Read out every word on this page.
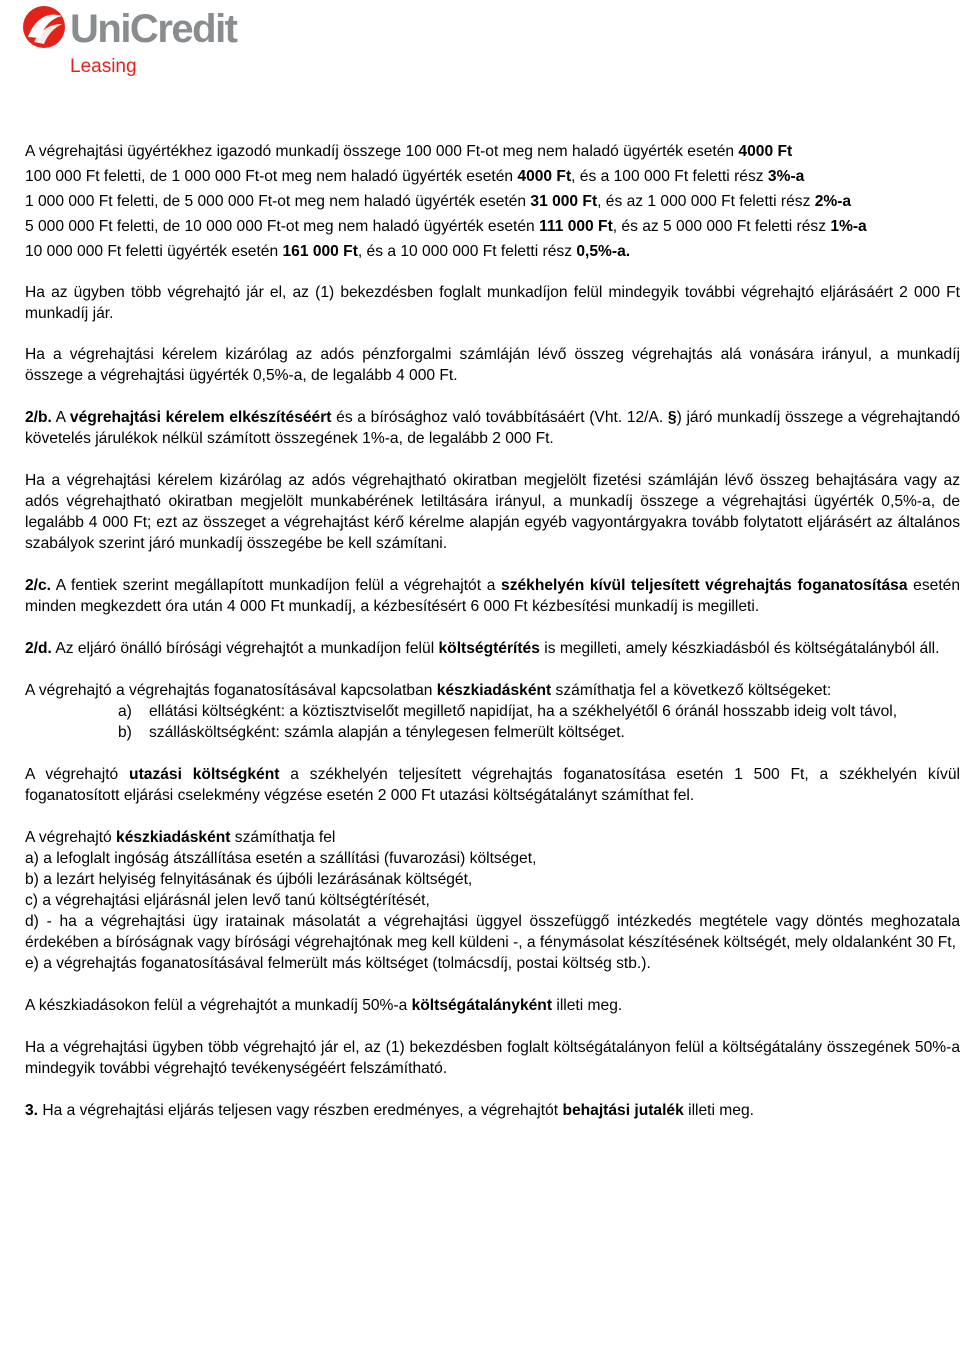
UniCredit
Leasing

A végrehajtási ügyértékhez igazodó munkadíj összege 100 000 Ft-ot meg nem haladó ügyérték esetén 4000 Ft

100 000 Ft feletti, de 1 000 000 Ft-ot meg nem haladó ügyérték esetén 4000 Ft, és a 100 000 Ft feletti rész 3%-a

1 000 000 Ft feletti, de 5 000 000 Ft-ot meg nem haladó ügyérték esetén 31 000 Ft, és az 1 000 000 Ft feletti rész 2%-a

5 000 000 Ft feletti, de 10 000 000 Ft-ot meg nem haladó ügyérték esetén 111 000 Ft, és az 5 000 000 Ft feletti rész 1%-a

10 000 000 Ft feletti ügyérték esetén 161 000 Ft, és a 10 000 000 Ft feletti rész 0,5%-a.

Ha az ügyben több végrehajtó jár el, az (1) bekezdésben foglalt munkadíjon felül mindegyik további végrehajtó eljárásáért 2 000 Ft munkadíj jár.

Ha a végrehajtási kérelem kizárólag az adós pénzforgalmi számláján lévő összeg végrehajtás alá vonására irányul, a munkadíj összege a végrehajtási ügyérték 0,5%-a, de legalább 4 000 Ft.

2/b. A végrehajtási kérelem elkészítéséért és a bírósághoz való továbbításáért (Vht. 12/A. §) járó munkadíj összege a végrehajtandó követelés járulékok nélkül számított összegének 1%-a, de legalább 2 000 Ft.

Ha a végrehajtási kérelem kizárólag az adós végrehajtható okiratban megjelölt fizetési számláján lévő összeg behajtására vagy az adós végrehajtható okiratban megjelölt munkabérének letiltására irányul, a munkadíj összege a végrehajtási ügyérték 0,5%-a, de legalább 4 000 Ft; ezt az összeget a végrehajtást kérő kérelme alapján egyéb vagyontárgyakra tovább folytatott eljárásért az általános szabályok szerint járó munkadíj összegébe be kell számítani.

2/c. A fentiek szerint megállapított munkadíjon felül a végrehajtót a székhelyén kívül teljesített végrehajtás foganatosítása esetén minden megkezdett óra után 4 000 Ft munkadíj, a kézbesítésért 6 000 Ft kézbesítési munkadíj is megilleti.

2/d. Az eljáró önálló bírósági végrehajtót a munkadíjon felül költségtérítés is megilleti, amely készkiadásból és költségátalányból áll.

A végrehajtó a végrehajtás foganatosításával kapcsolatban készkiadásként számíthatja fel a következő költségeket:

a) ellátási költségként: a köztisztviselőt megillető napidíjat, ha a székhelyétől 6 óránál hosszabb ideig volt távol,
b) szállásköltségként: számla alapján a ténylegesen felmerült költséget.

A végrehajtó utazási költségként a székhelyén teljesített végrehajtás foganatosítása esetén 1 500 Ft, a székhelyén kívül foganatosított eljárási cselekmény végzése esetén 2 000 Ft utazási költségátalányt számíthat fel.

A végrehajtó készkiadásként számíthatja fel

a) a lefoglalt ingóság átszállítása esetén a szállítási (fuvarozási) költséget,

b) a lezárt helyiség felnyitásának és újbóli lezárásának költségét,

c) a végrehajtási eljárásnál jelen levő tanú költségtérítését,

d) - ha a végrehajtási ügy iratainak másolatát a végrehajtási üggyel összefüggő intézkedés megtétele vagy döntés meghozatala érdekében a bíróságnak vagy bírósági végrehajtónak meg kell küldeni -, a fénymásolat készítésének költségét, mely oldalanként 30 Ft,

e) a végrehajtás foganatosításával felmerült más költséget (tolmácsdíj, postai költség stb.).

A készkiadásokon felül a végrehajtót a munkadíj 50%-a költségátalányként illeti meg.

Ha a végrehajtási ügyben több végrehajtó jár el, az (1) bekezdésben foglalt költségátalányon felül a költségátalány összegének 50%-a mindegyik további végrehajtó tevékenységéért felszámítható.

3. Ha a végrehajtási eljárás teljesen vagy részben eredményes, a végrehajtót behajtási jutalék illeti meg.
